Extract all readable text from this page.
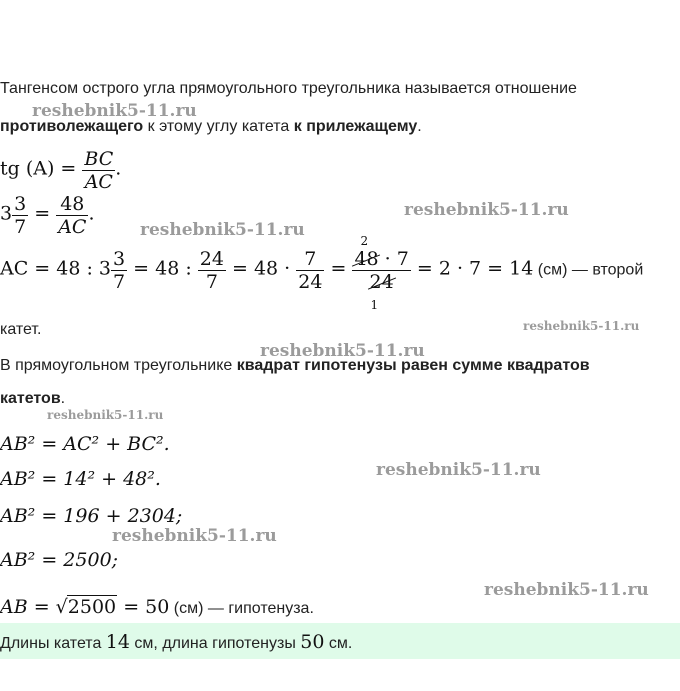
Тангенсом острого угла прямоугольного треугольника называется отношение
противолежащего к этому углу катета к прилежащему.
tg $(A) = \frac{BC}{AC}$ .
$3 \frac{3}{7} = \frac{48}{AC}$ .
AC = 48 : $3 \frac{3}{7} = 48$ : $\frac{24}{7} = 48 \cdot \frac{7}{24} = 48 \cdot 7$
24
2
1
= 2 · 7 = 14 (см) — второй
катет.
В прямоугольном треугольнике квадрат гипотенузы равен сумме квадратов
катетов.
AB² = AC² + BC².
AB² = 14² + 48².
AB² = 196 + 2304;
AB² = 2500;
AB = √2500 = 50 (см) — гипотенуза.
Длины катета 14 см, длина гипотенузы 50 см.
reshebnik5-11.ru
reshebnik5-11.ru
reshebnik5-11.ru
reshebnik5-11.ru
reshebnik5-11.ru
reshebnik5-11.ru
reshebnik5-11.ru
reshebnik5-11.ru
reshebnik5-11.ru
